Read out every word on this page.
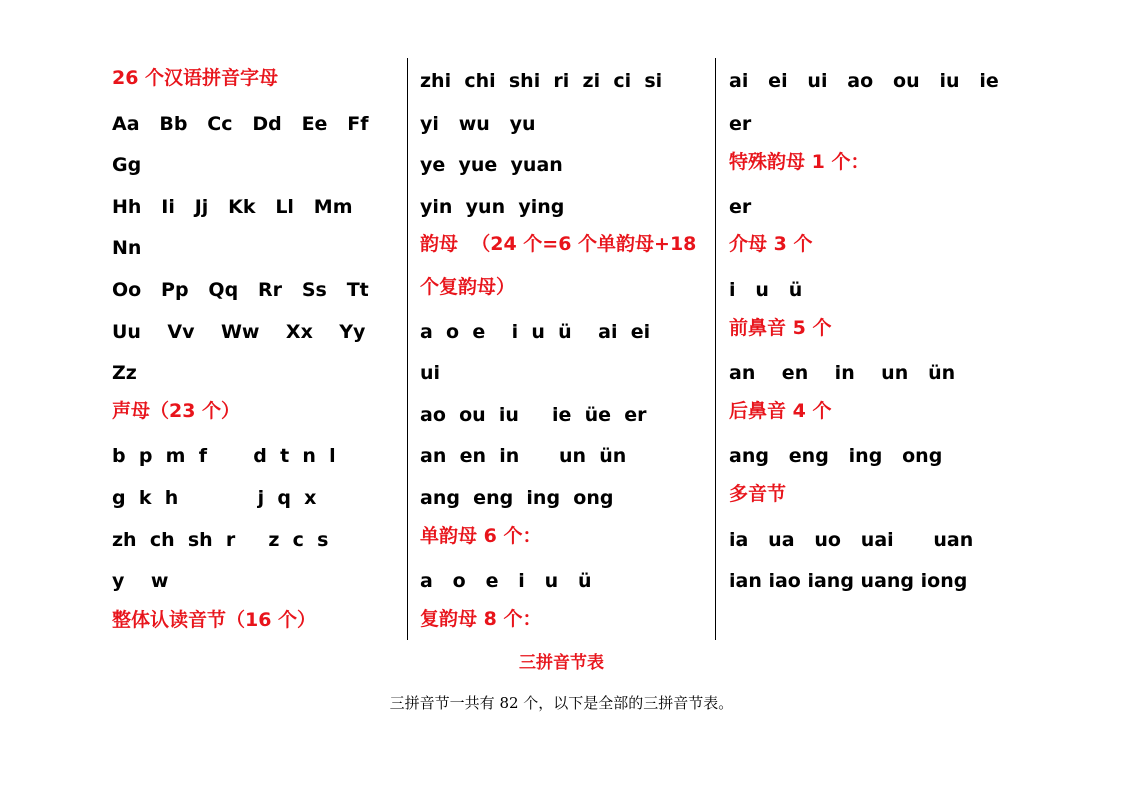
26 个汉语拼音字母
Aa   Bb   Cc   Dd   Ee   Ff
Gg
Hh   Ii   Jj   Kk   Ll   Mm
Nn
Oo   Pp   Qq   Rr   Ss   Tt
Uu    Vv    Ww    Xx    Yy
Zz
声母（23 个）
b  p  m  f       d  t  n  l
g  k  h            j  q  x
zh  ch  sh  r     z  c  s
y    w
整体认读音节（16 个）
zhi  chi  shi  ri  zi  ci  si
yi   wu   yu
ye  yue  yuan
yin  yun  ying
韵母  （24 个=6 个单韵母+18
个复韵母）
a  o  e    i  u  ü    ai  ei
ui
ao  ou  iu     ie  üe  er
an  en  in      un  ün
ang  eng  ing  ong
单韵母 6 个：
a   o   e   i   u   ü
复韵母 8 个：
ai   ei   ui   ao   ou   iu   ie
er
特殊韵母 1 个：
er
介母 3 个
i   u   ü
前鼻音 5 个
an    en    in    un   ün
后鼻音 4 个
ang   eng   ing   ong
多音节
ia   ua   uo   uai      uan
ian iao iang uang iong
三拼音节表
三拼音节一共有 82 个，以下是全部的三拼音节表。
